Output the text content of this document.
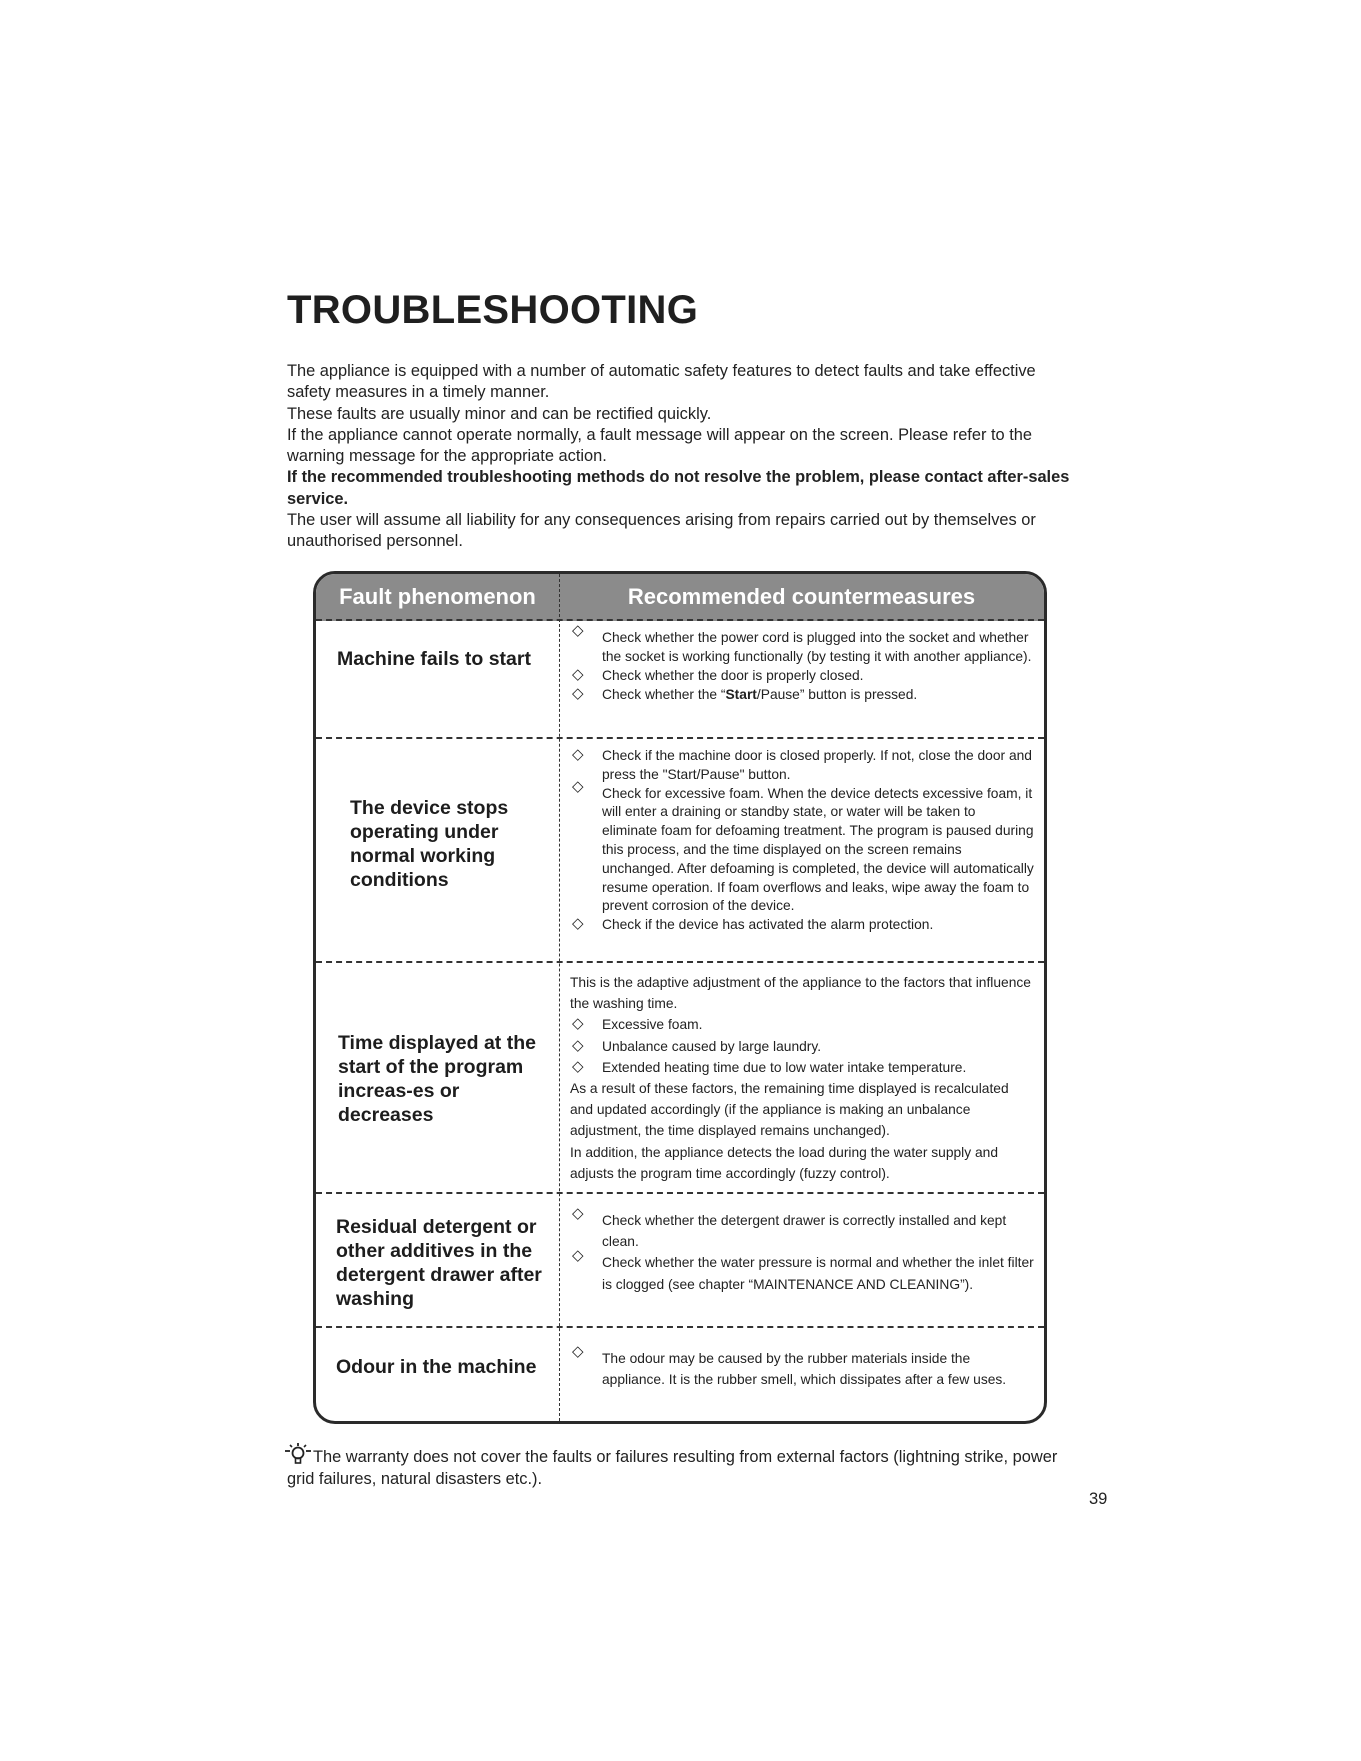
TROUBLESHOOTING

The appliance is equipped with a number of automatic safety features to detect faults and take effective safety measures in a timely manner.

These faults are usually minor and can be rectified quickly.

If the appliance cannot operate normally, a fault message will appear on the screen. Please refer to the warning message for the appropriate action.

If the recommended troubleshooting methods do not resolve the problem, please contact after-sales service.

The user will assume all liability for any consequences arising from repairs carried out by themselves or unauthorised personnel.

Fault phenomenon	Recommended countermeasures
Machine fails to start
◇ Check whether the power cord is plugged into the socket and whether the socket is working functionally (by testing it with another appliance).
◇ Check whether the door is properly closed.
◇ Check whether the “Start/Pause” button is pressed.
The device stops operating under normal working conditions
◇ Check if the machine door is closed properly. If not, close the door and press the "Start/Pause" button.
◇ Check for excessive foam. When the device detects excessive foam, it will enter a draining or standby state, or water will be taken to eliminate foam for defoaming treatment. The program is paused during this process, and the time displayed on the screen remains unchanged. After defoaming is completed, the device will automatically resume operation. If foam overflows and leaks, wipe away the foam to prevent corrosion of the device.
◇ Check if the device has activated the alarm protection.
Time displayed at the start of the program increas-es or decreases
This is the adaptive adjustment of the appliance to the factors that influence the washing time.
◇ Excessive foam.
◇ Unbalance caused by large laundry.
◇ Extended heating time due to low water intake temperature.
As a result of these factors, the remaining time displayed is recalculated and updated accordingly (if the appliance is making an unbalance adjustment, the time displayed remains unchanged).
In addition, the appliance detects the load during the water supply and adjusts the program time accordingly (fuzzy control).
Residual detergent or other additives in the detergent drawer after washing
◇ Check whether the detergent drawer is correctly installed and kept clean.
◇ Check whether the water pressure is normal and whether the inlet filter is clogged (see chapter “MAINTENANCE AND CLEANING”).
Odour in the machine
◇ The odour may be caused by the rubber materials inside the appliance. It is the rubber smell, which dissipates after a few uses.
The warranty does not cover the faults or failures resulting from external factors (lightning strike, power grid failures, natural disasters etc.).
39
